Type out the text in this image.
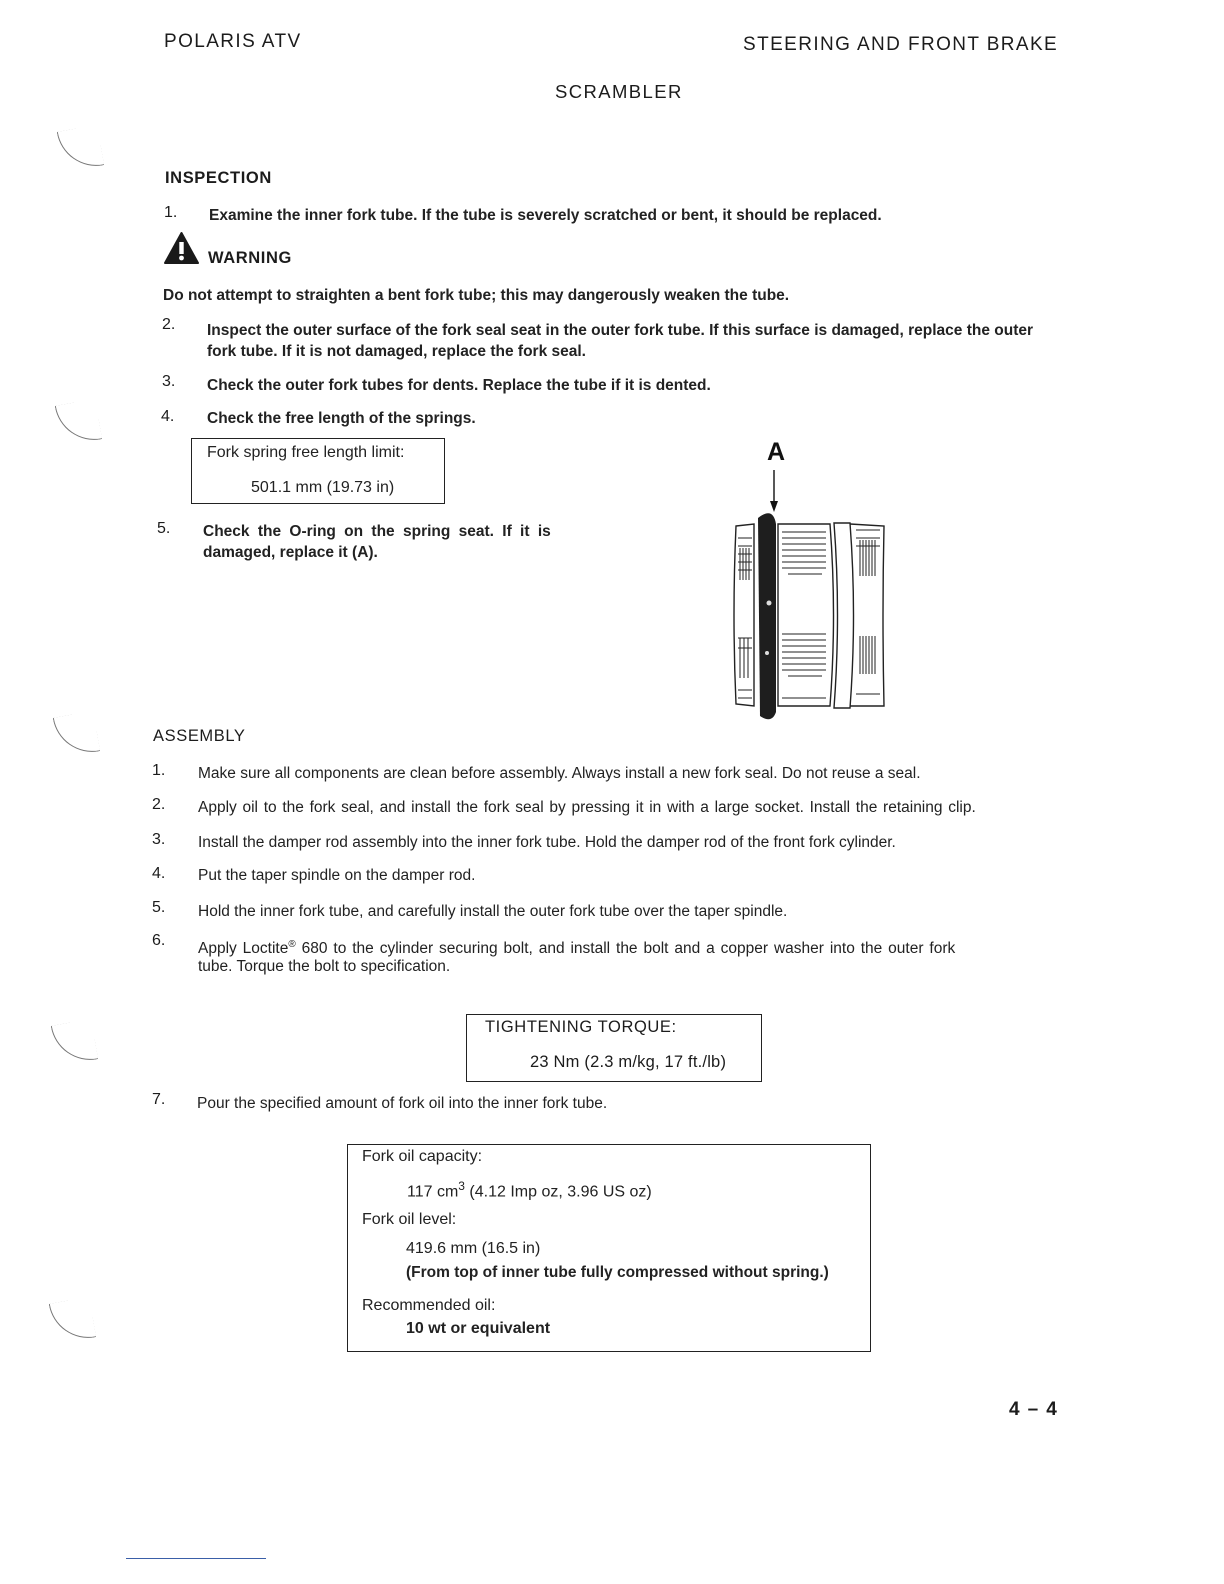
POLARIS ATV	STEERING AND FRONT BRAKE
SCRAMBLER
INSPECTION
1. Examine the inner fork tube. If the tube is severely scratched or bent, it should be replaced.
WARNING
Do not attempt to straighten a bent fork tube; this may dangerously weaken the tube.
2. Inspect the outer surface of the fork seal seat in the outer fork tube. If this surface is damaged, replace the outer
fork tube. If it is not damaged, replace the fork seal.
3. Check the outer fork tubes for dents. Replace the tube if it is dented.
4. Check the free length of the springs.
Fork spring free length limit:
501.1 mm (19.73 in)
5. Check the O-ring on the spring seat. If it is
damaged, replace it (A).
A
ASSEMBLY
1. Make sure all components are clean before assembly. Always install a new fork seal. Do not reuse a seal.
2. Apply oil to the fork seal, and install the fork seal by pressing it in with a large socket. Install the retaining clip.
3. Install the damper rod assembly into the inner fork tube. Hold the damper rod of the front fork cylinder.
4. Put the taper spindle on the damper rod.
5. Hold the inner fork tube, and carefully install the outer fork tube over the taper spindle.
6. Apply Loctite® 680 to the cylinder securing bolt, and install the bolt and a copper washer into the outer fork
tube. Torque the bolt to specification.
TIGHTENING TORQUE:
23 Nm (2.3 m/kg, 17 ft./lb)
7. Pour the specified amount of fork oil into the inner fork tube.
Fork oil capacity:
117 $cm^3$ (4.12 Imp oz, 3.96 US oz)
Fork oil level:
419.6 mm (16.5 in)
(From top of inner tube fully compressed without spring.)
Recommended oil:
10 wt or equivalent
4 – 4
